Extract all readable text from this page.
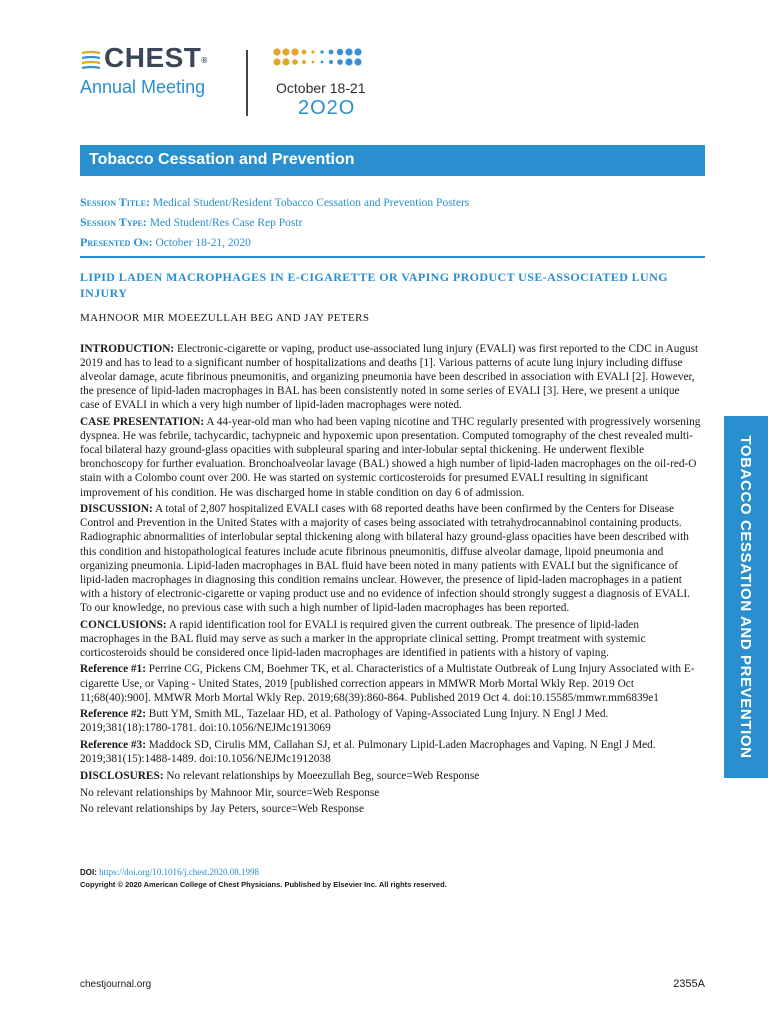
CHEST®
Annual Meeting	October 18-21
2O2O
Tobacco Cessation and Prevention
Session Title: Medical Student/Resident Tobacco Cessation and Prevention Posters
Session Type: Med Student/Res Case Rep Postr
Presented On: October 18-21, 2020
LIPID LADEN MACROPHAGES IN E-CIGARETTE OR VAPING PRODUCT USE-ASSOCIATED LUNG INJURY
MAHNOOR MIR MOEEZULLAH BEG AND JAY PETERS

INTRODUCTION: Electronic-cigarette or vaping, product use-associated lung injury (EVALI) was first reported to the CDC in August 2019 and has to lead to a significant number of hospitalizations and deaths [1]. Various patterns of acute lung injury including diffuse alveolar damage, acute fibrinous pneumonitis, and organizing pneumonia have been described in association with EVALI [2]. However, the presence of lipid-laden macrophages in BAL has been consistently noted in some series of EVALI [3]. Here, we present a unique case of EVALI in which a very high number of lipid-laden macrophages were noted.

CASE PRESENTATION: A 44-year-old man who had been vaping nicotine and THC regularly presented with progressively worsening dyspnea. He was febrile, tachycardic, tachypneic and hypoxemic upon presentation. Computed tomography of the chest revealed multi-focal bilateral hazy ground-glass opacities with subpleural sparing and inter-lobular septal thickening. He underwent flexible bronchoscopy for further evaluation. Bronchoalveolar lavage (BAL) showed a high number of lipid-laden macrophages on the oil-red-O stain with a Colombo count over 200. He was started on systemic corticosteroids for presumed EVALI resulting in significant improvement of his condition. He was discharged home in stable condition on day 6 of admission.

DISCUSSION: A total of 2,807 hospitalized EVALI cases with 68 reported deaths have been confirmed by the Centers for Disease Control and Prevention in the United States with a majority of cases being associated with tetrahydrocannabinol containing products. Radiographic abnormalities of interlobular septal thickening along with bilateral hazy ground-glass opacities have been described with this condition and histopathological features include acute fibrinous pneumonitis, diffuse alveolar damage, lipoid pneumonia and organizing pneumonia. Lipid-laden macrophages in BAL fluid have been noted in many patients with EVALI but the significance of lipid-laden macrophages in diagnosing this condition remains unclear. However, the presence of lipid-laden macrophages in a patient with a history of electronic-cigarette or vaping product use and no evidence of infection should strongly suggest a diagnosis of EVALI. To our knowledge, no previous case with such a high number of lipid-laden macrophages has been reported.

CONCLUSIONS: A rapid identification tool for EVALI is required given the current outbreak. The presence of lipid-laden macrophages in the BAL fluid may serve as such a marker in the appropriate clinical setting. Prompt treatment with systemic corticosteroids should be considered once lipid-laden macrophages are identified in patients with a history of vaping.

Reference #1: Perrine CG, Pickens CM, Boehmer TK, et al. Characteristics of a Multistate Outbreak of Lung Injury Associated with E-cigarette Use, or Vaping - United States, 2019 [published correction appears in MMWR Morb Mortal Wkly Rep. 2019 Oct 11;68(40):900]. MMWR Morb Mortal Wkly Rep. 2019;68(39):860-864. Published 2019 Oct 4. doi:10.15585/mmwr.mm6839e1

Reference #2: Butt YM, Smith ML, Tazelaar HD, et al. Pathology of Vaping-Associated Lung Injury. N Engl J Med. 2019;381(18):1780-1781. doi:10.1056/NEJMc1913069

Reference #3: Maddock SD, Cirulis MM, Callahan SJ, et al. Pulmonary Lipid-Laden Macrophages and Vaping. N Engl J Med. 2019;381(15):1488-1489. doi:10.1056/NEJMc1912038

DISCLOSURES: No relevant relationships by Moeezullah Beg, source=Web Response

No relevant relationships by Mahnoor Mir, source=Web Response

No relevant relationships by Jay Peters, source=Web Response

DOI: https://doi.org/10.1016/j.chest.2020.08.1998
Copyright © 2020 American College of Chest Physicians. Published by Elsevier Inc. All rights reserved.
TOBACCO CESSATION AND PREVENTION
chestjournal.org	2355A
